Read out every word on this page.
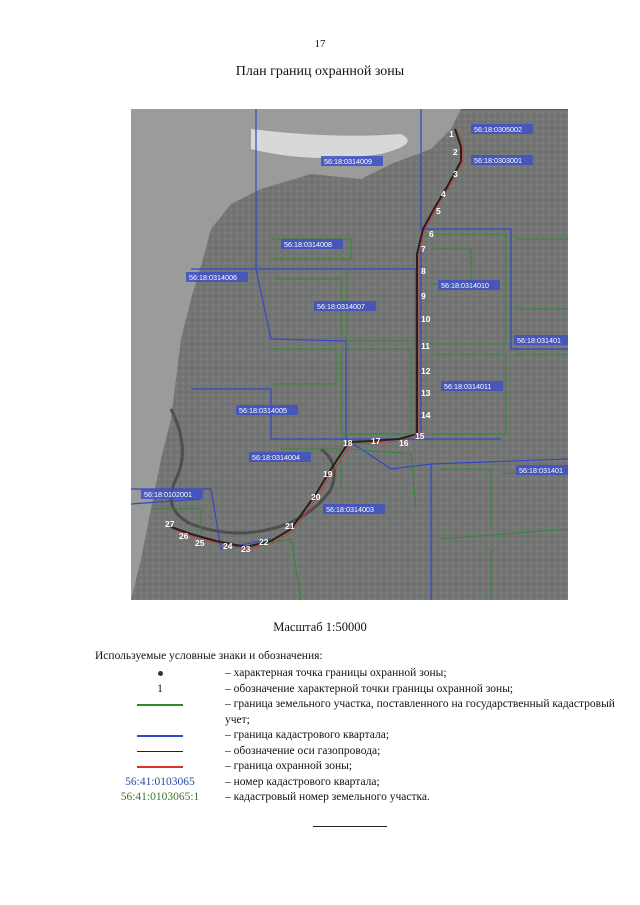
17
План границ охранной зоны
56:18:0305002
56:18:0303001
56:18:0314009
56:18:0314008
56:18:0314006
56:18:0314007
56:18:0314010
56:18:031401
56:18:0314011
56:18:0314005
56:18:0314004
56:18:031401
56:18:0102001
56:18:0314003
1
2
3
4
5
6
7
8
9
10
11
12
13
14
15
16
17
18
19
20
21
22
23
24
25
26
27
Масштаб 1:50000
Используемые условные знаки и обозначения:
– характерная точка границы охранной зоны;
1	– обозначение характерной точки границы охранной зоны;
– граница земельного участка, поставленного на государственный кадастровый учет;
– граница кадастрового квартала;
– обозначение оси газопровода;
– граница охранной зоны;
56:41:0103065	– номер кадастрового квартала;
56:41:0103065:1	– кадастровый номер земельного участка.
